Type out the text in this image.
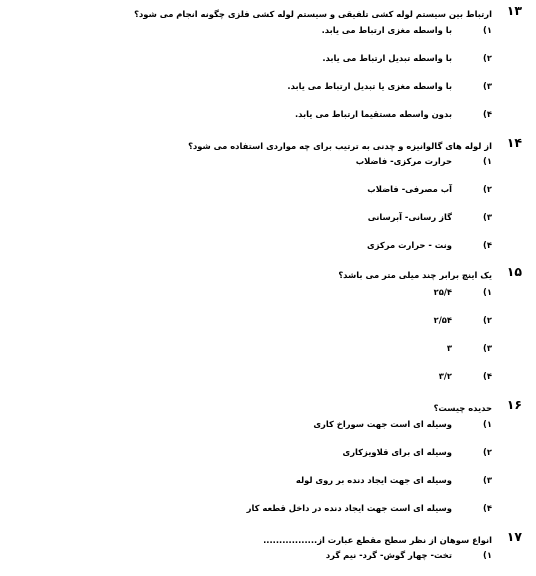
۱۳
ارتباط بین سیستم لوله کشی تلفیقی و سیستم لوله کشی فلزی چگونه انجام می شود؟
۱)
با واسطه مغزی ارتباط می یابد.
۲)
با واسطه تبدیل ارتباط می یابد.
۳)
با واسطه مغزی یا تبدیل ارتباط می یابد.
۴)
بدون واسطه مستقیما ارتباط می یابد.
۱۴
از لوله های گالوانیزه و چدنی به ترتیب برای چه مواردی استفاده می شود؟
۱)
حرارت مرکزی- فاضلاب
۲)
آب مصرفی- فاضلاب
۳)
گاز رسانی- آبرسانی
۴)
ونت - حرارت مرکزی
۱۵
یک اینچ برابر چند میلی متر می باشد؟
۱)
۲۵/۴
۲)
۲/۵۴
۳)
۳
۴)
۳/۲
۱۶
حدیده چیست؟
۱)
وسیله ای است جهت سوراخ کاری
۲)
وسیله ای برای قلاویزکاری
۳)
وسیله ای جهت ایجاد دنده بر روی لوله
۴)
وسیله ای است جهت ایجاد دنده در داخل قطعه کار
۱۷
انواع سوهان از نظر سطح مقطع عبارت از.................
۱)
تخت- چهار گوش- گرد- نیم گرد
